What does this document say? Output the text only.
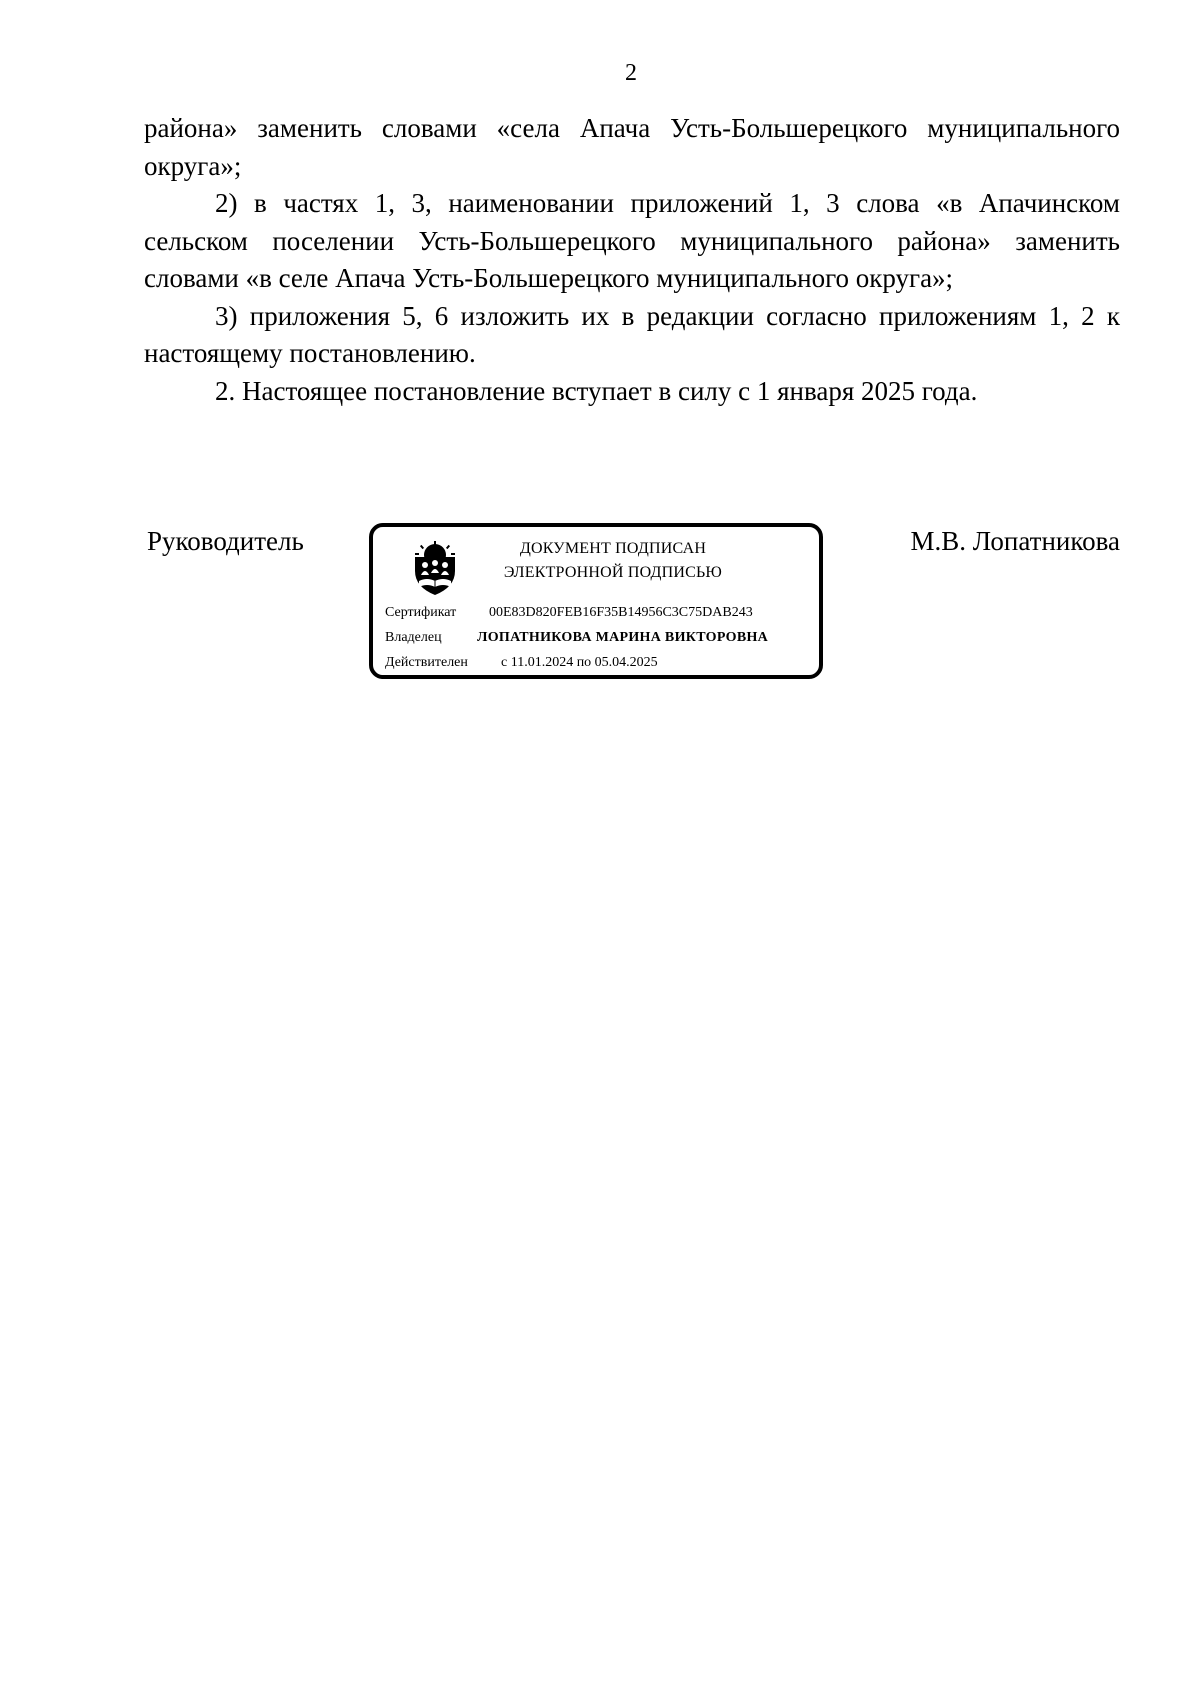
2

района» заменить словами «села Апача Усть-Большерецкого муниципального округа»;

2) в частях 1, 3, наименовании приложений 1, 3 слова «в Апачинском сельском поселении Усть-Большерецкого муниципального района» заменить словами «в селе Апача Усть-Большерецкого муниципального округа»;

3) приложения 5, 6 изложить их в редакции согласно приложениям 1, 2 к настоящему постановлению.

2. Настоящее постановление вступает в силу с 1 января 2025 года.

Руководитель	М.В. Лопатникова
ДОКУМЕНТ ПОДПИСАН
ЭЛЕКТРОННОЙ ПОДПИСЬЮ
Сертификат 00E83D820FEB16F35B14956C3C75DAB243
Владелец	ЛОПАТНИКОВА МАРИНА ВИКТОРОВНА
Действителен с 11.01.2024 по 05.04.2025
